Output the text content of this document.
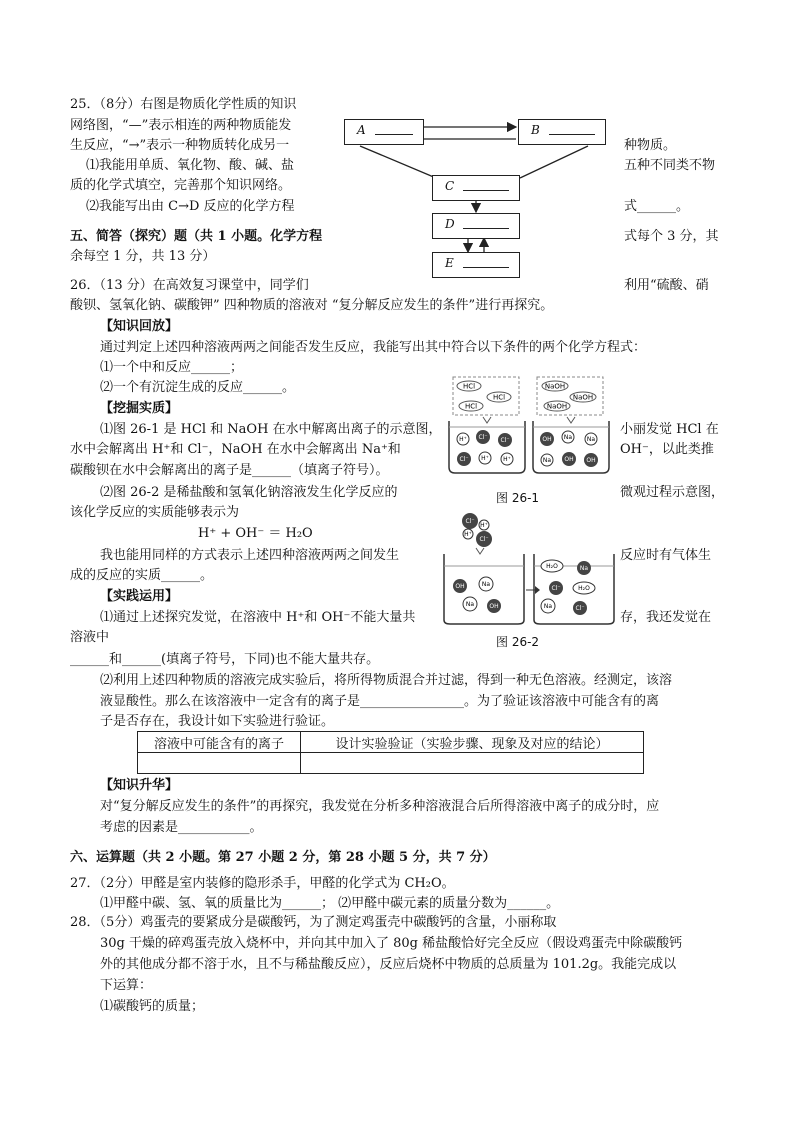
25．（8分）右图是物质化学性质的知识
网络图，“—”表示相连的两种物质能发
生反应，“→”表示一种物质转化成另一	种物质。
⑴我能用单质、氧化物、酸、碱、盐	五种不同类不物
质的化学式填空，完善那个知识网络。
⑵我能写出由 C→D 反应的化学方程	式______。
A	B
C
D
E
五、简答（探究）题（共 1 小题。化学方程	式每个 3 分，其
余每空 1 分，共 13 分）
26．（13 分）在高效复习课堂中，同学们	利用“硫酸、硝
酸钡、氢氧化钠、碳酸钾” 四种物质的溶液对 “复分解反应发生的条件”进行再探究。
【知识回放】
通过判定上述四种溶液两两之间能否发生反应，我能写出其中符合以下条件的两个化学方程式：
⑴一个中和反应______；
⑵一个有沉淀生成的反应______。
【挖掘实质】
⑴图 26-1 是 HCl 和 NaOH 在水中解离出离子的示意图，	小丽发觉 HCl 在
水中会解离出 H⁺和 Cl⁻，NaOH 在水中会解离出 Na⁺和	OH⁻，以此类推
碳酸钡在水中会解离出的离子是______（填离子符号）。
⑵图 26-2 是稀盐酸和氢氧化钠溶液发生化学反应的	微观过程示意图，
该化学反应的实质能够表示为
H⁺ + OH⁻ ＝ H₂O
我也能用同样的方式表示上述四种溶液两两之间发生	反应时有气体生
成的反应的实质______。
【实践运用】
⑴通过上述探究发觉，在溶液中 H⁺和 OH⁻不能大量共	存，我还发觉在
溶液中
______和______(填离子符号，下同)也不能大量共存。
⑵利用上述四种物质的溶液完成实验后，将所得物质混合并过滤，得到一种无色溶液。经测定，该溶
液显酸性。那么在该溶液中一定含有的离子是________________。为了验证该溶液中可能含有的离
子是否存在，我设计如下实验进行验证。
溶液中可能含有的离子	设计实验验证（实验步骤、现象及对应的结论）

【知识升华】
对“复分解反应发生的条件”的再探究，我发觉在分析多种溶液混合后所得溶液中离子的成分时，应
考虑的因素是___________。
HCl
HCl
HCl
NaOH
NaOH
NaOH
H⁺ Cl⁻ Cl⁻
H⁺
Cl⁻	H⁺
OH Na Na
OH
Na	OH
图 26-1
Cl⁻
H⁺
H⁺
Cl⁻
OH	Na
Na	OH
H₂O	Na
Cl⁻	H₂O
Na	Cl⁻
图 26-2
六、运算题（共 2 小题。第 27 小题 2 分，第 28 小题 5 分，共 7 分）
27．（2分）甲醛是室内装修的隐形杀手，甲醛的化学式为 CH₂O。
⑴甲醛中碳、氢、氧的质量比为______； ⑵甲醛中碳元素的质量分数为______。
28．（5分）鸡蛋壳的要紧成分是碳酸钙，为了测定鸡蛋壳中碳酸钙的含量，小丽称取
30g 干燥的碎鸡蛋壳放入烧杯中，并向其中加入了 80g 稀盐酸恰好完全反应（假设鸡蛋壳中除碳酸钙
外的其他成分都不溶于水，且不与稀盐酸反应），反应后烧杯中物质的总质量为 101.2g。我能完成以
下运算：
⑴碳酸钙的质量；
